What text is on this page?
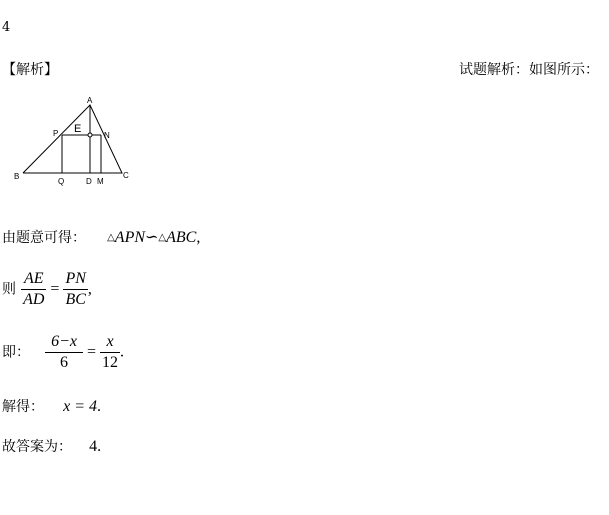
4
【解析】	试题解析：如图所示：
A
P E
N
B
Q	D M
C
由题意可得： △APN∽△ABC,
则 $\frac{AE}{AD} = \frac{PN}{BC}$ ,
即： $\frac{6-x}{6} = \frac{x}{12}$ .
解得： x = 4.
故答案为： 4.
